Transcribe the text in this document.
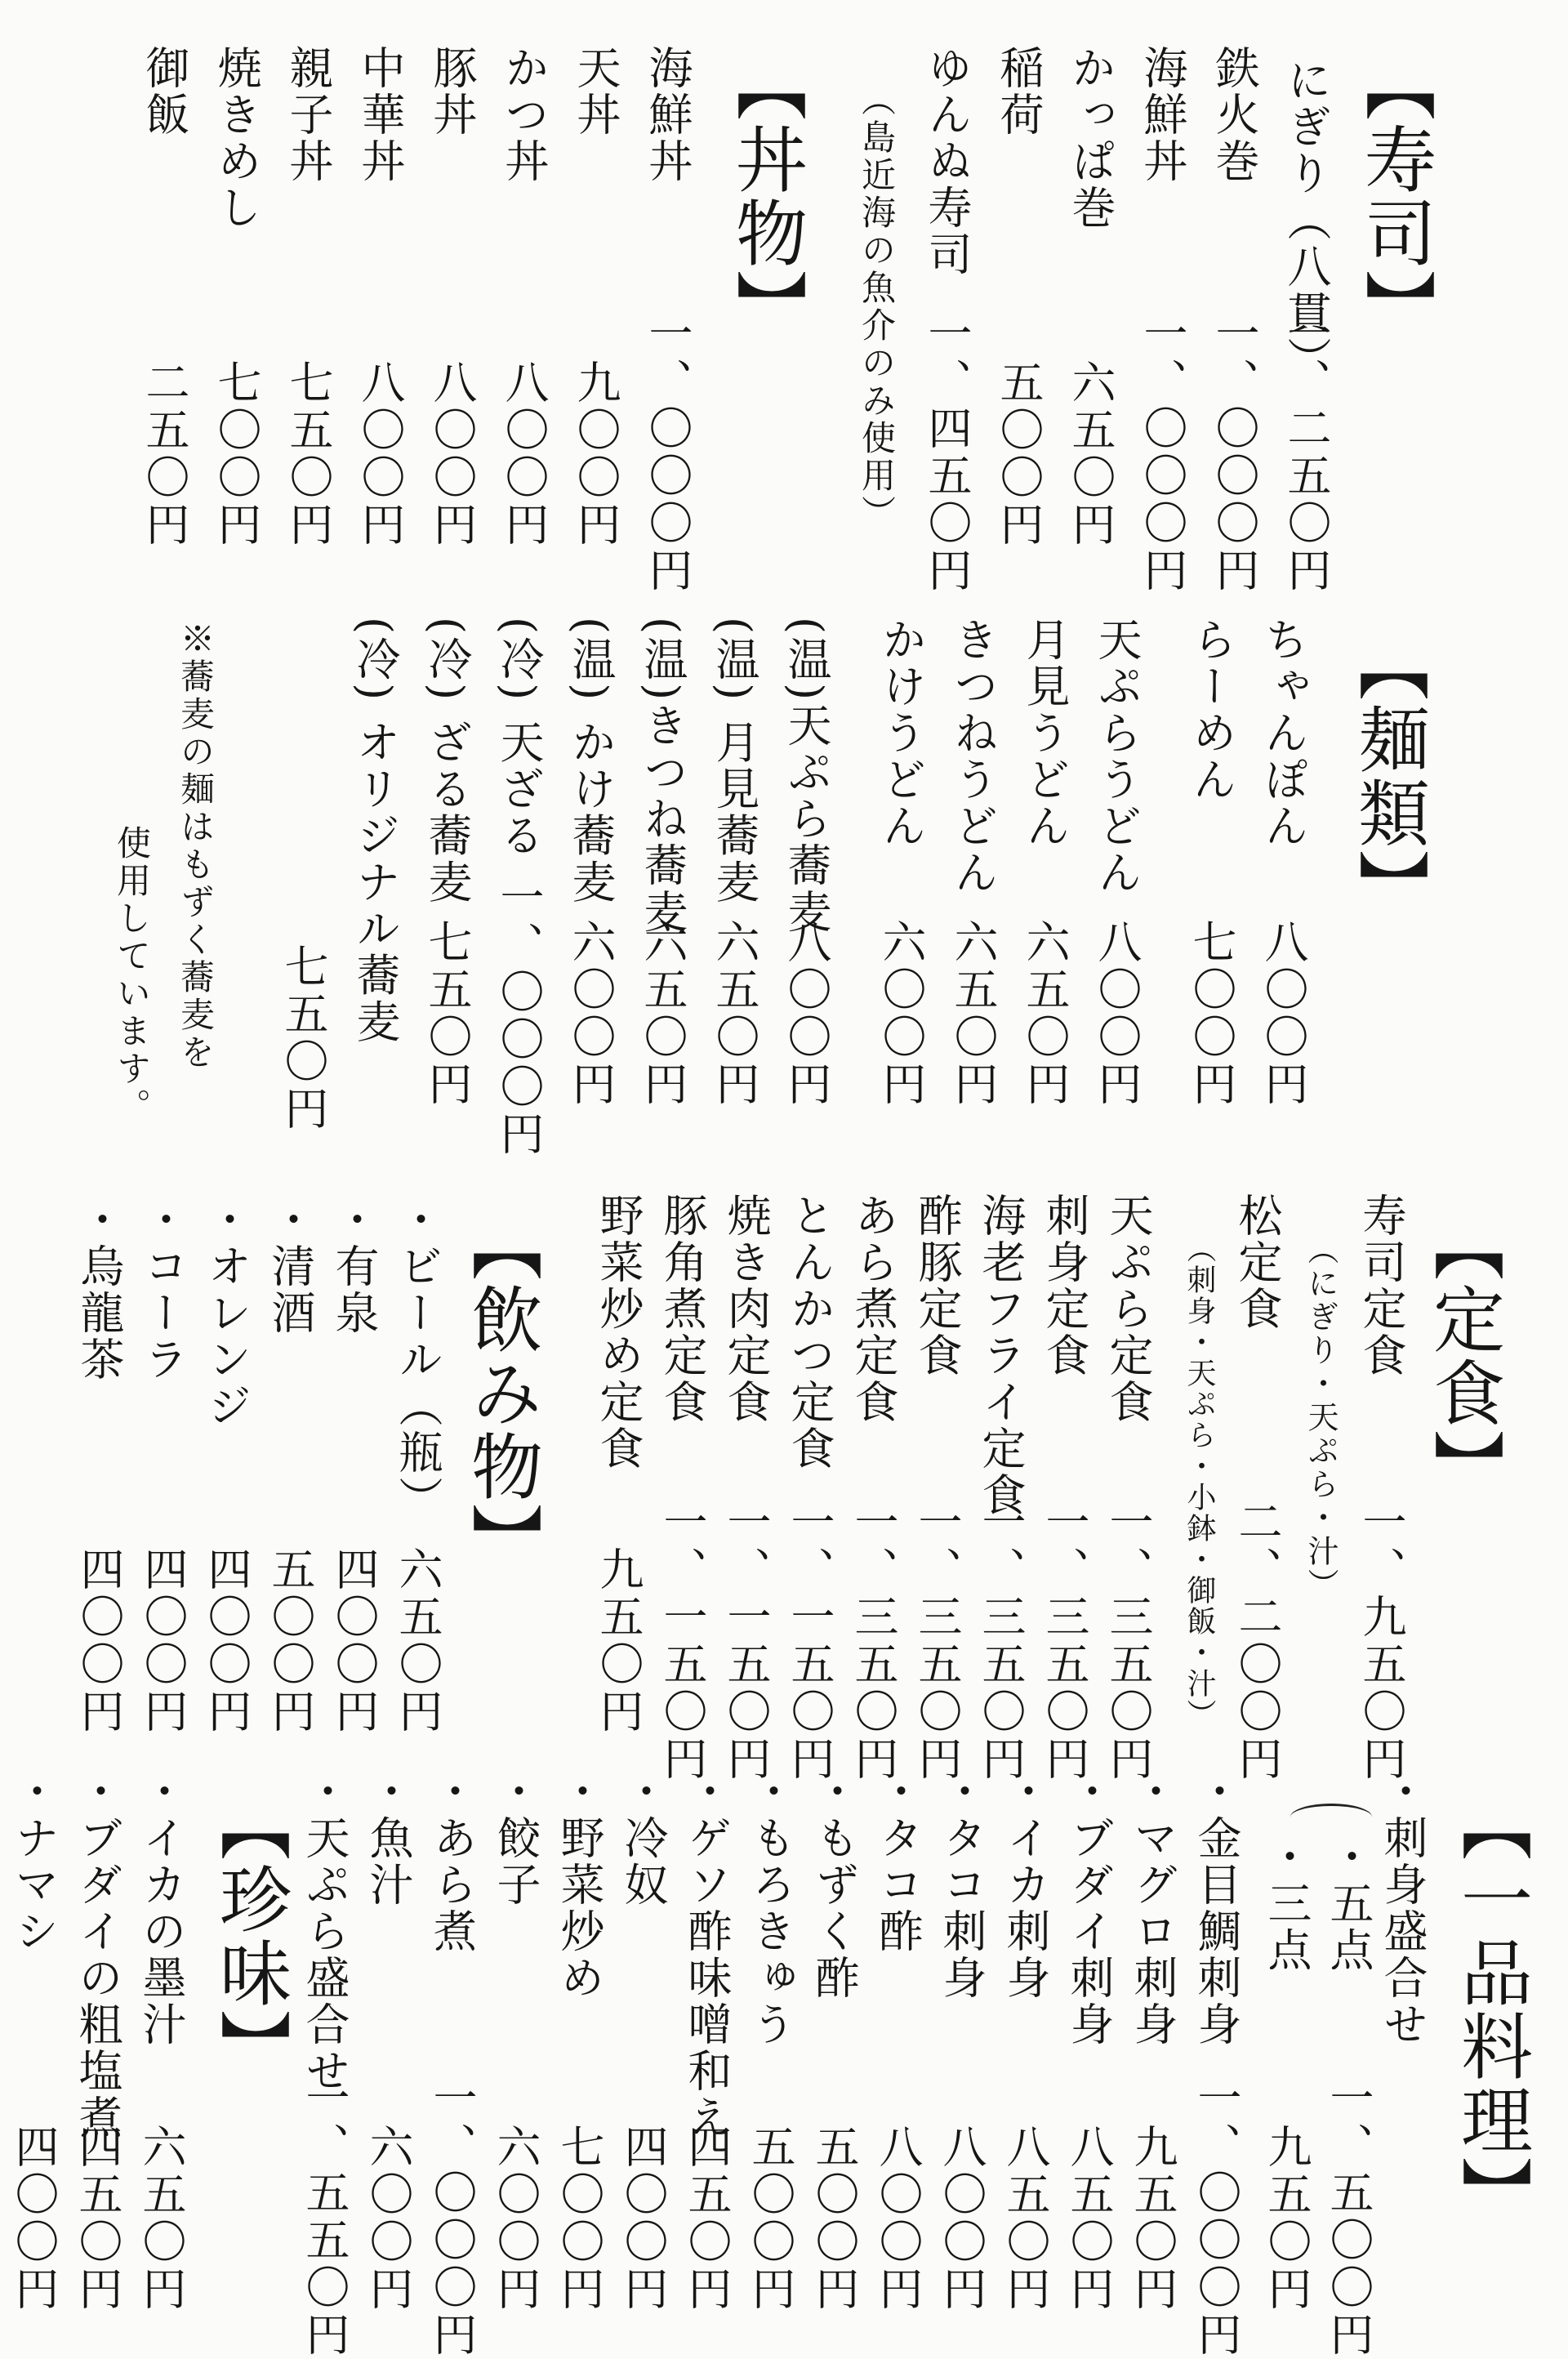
【寿司】
にぎり（八貫）
一、二五〇円
鉄火巻
一、〇〇〇円
海鮮丼
一、〇〇〇円
かっぱ巻
六五〇円
稲荷
五〇〇円
ゆんぬ寿司
一、四五〇円
（島近海の魚介のみ使用）
【丼物】
海鮮丼
一、〇〇〇円
天丼
九〇〇円
かつ丼
八〇〇円
豚丼
八〇〇円
中華丼
八〇〇円
親子丼
七五〇円
焼きめし
七〇〇円
御飯
二五〇円
【麺類】
ちゃんぽん
八〇〇円
らーめん
七〇〇円
天ぷらうどん
八〇〇円
月見うどん
六五〇円
きつねうどん
六五〇円
かけうどん
六〇〇円
(温)天ぷら蕎麦
八〇〇円
(温) 月見蕎麦
六五〇円
(温)きつね蕎麦
六五〇円
(温) かけ蕎麦
六〇〇円
(冷) 天ざる
一、〇〇〇円
(冷) ざる蕎麦
七五〇円
(冷) オリジナル蕎麦
七五〇円
※蕎麦の麺はもずく蕎麦を
使用しています。
【定食】
寿司定食
一、九五〇円
（にぎり・天ぷら・汁）
松定食
二、二〇〇円
（刺身・天ぷら・小鉢・御飯・汁）
天ぷら定食
一、三五〇円
刺身定食
一、三五〇円
海老フライ定食
一、三五〇円
酢豚定食
一、三五〇円
あら煮定食
一、三五〇円
とんかつ定食
一、一五〇円
焼き肉定食
一、一五〇円
豚角煮定食
一、一五〇円
野菜炒め定食
九五〇円
【飲み物】
・ ビール（瓶）
六五〇円
・ 有泉
四〇〇円
・ 清酒
五〇〇円
・ オレンジ
四〇〇円
・ コーラ
四〇〇円
・ 烏龍茶
四〇〇円
【一品料理】
・ 刺身盛合せ
・ 五点
一、五〇〇円
・ 三点
九五〇円
・ 金目鯛刺身
一、〇〇〇円
・ マグロ刺身
九五〇円
・ ブダイ刺身
八五〇円
・ イカ刺身
八五〇円
・ タコ刺身
八〇〇円
・ タコ酢
八〇〇円
・ もずく酢
五〇〇円
・ もろきゅう
五〇〇円
・ ゲソ酢味噌和え
四五〇円
・ 冷奴
四〇〇円
・ 野菜炒め
七〇〇円
・ 餃子
六〇〇円
・ あら煮
一、〇〇〇円
・ 魚汁
六〇〇円
・ 天ぷら盛合せ
一、五五〇円
【珍味】
・ イカの墨汁
六五〇円
・ ブダイの粗塩煮
四五〇円
・ ナマシ
四〇〇円
